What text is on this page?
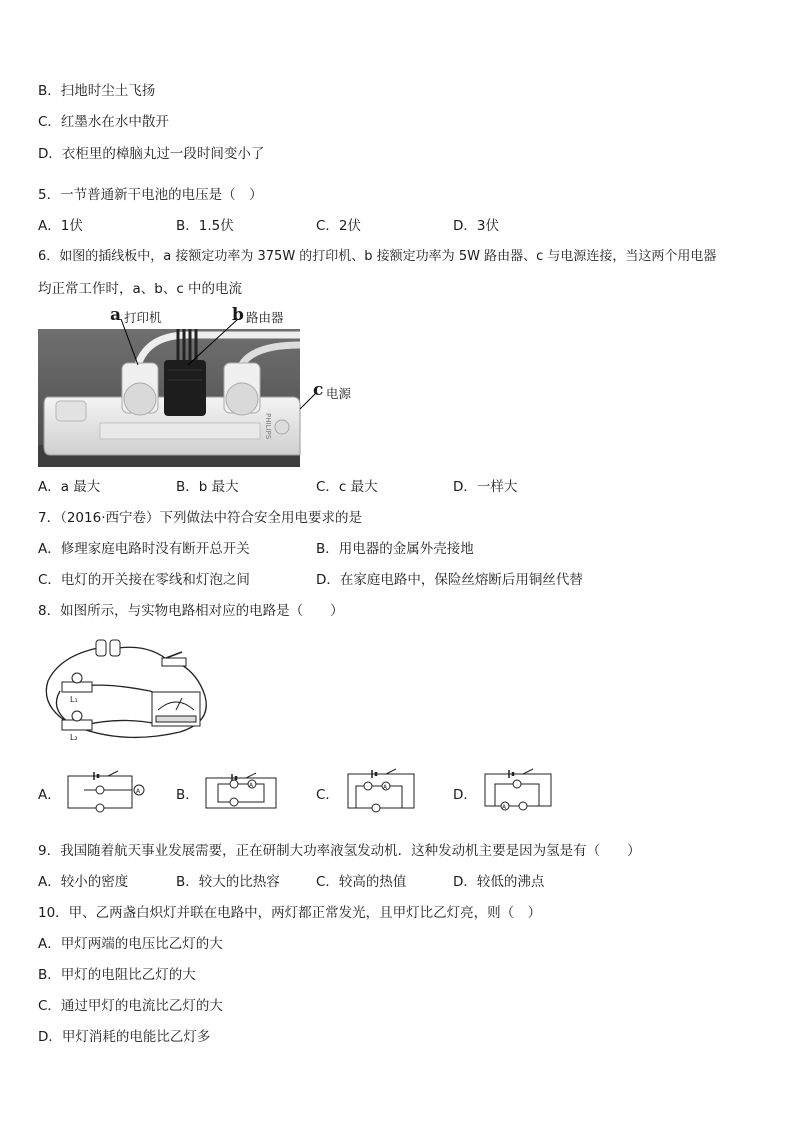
B．扫地时尘土飞扬
C．红墨水在水中散开
D．衣柜里的樟脑丸过一段时间变小了
5．一节普通新干电池的电压是（　）
A．1伏	B．1.5伏	C．2伏	D．3伏
6．如图的插线板中，a 接额定功率为 375W 的打印机、b 接额定功率为 5W 路由器、c 与电源连接，当这两个用电器
均正常工作时，a、b、c 中的电流
PHILIPS
a 打印机	b 路由器
c 电源
A．a 最大	B．b 最大	C．c 最大	D．一样大
7．（2016·西宁卷）下列做法中符合安全用电要求的是
A．修理家庭电路时没有断开总开关	B．用电器的金属外壳接地
C．电灯的开关接在零线和灯泡之间	D．在家庭电路中，保险丝熔断后用铜丝代替
8．如图所示，与实物电路相对应的电路是（　　）
L₁
L₂
A．	A	B．
A
C．	A	D．
A
9．我国随着航天事业发展需要，正在研制大功率液氢发动机．这种发动机主要是因为氢是有（　　）
A．较小的密度	B．较大的比热容	C．较高的热值	D．较低的沸点
10．甲、乙两盏白炽灯并联在电路中，两灯都正常发光，且甲灯比乙灯亮，则（　）
A．甲灯两端的电压比乙灯的大
B．甲灯的电阻比乙灯的大
C．通过甲灯的电流比乙灯的大
D．甲灯消耗的电能比乙灯多
